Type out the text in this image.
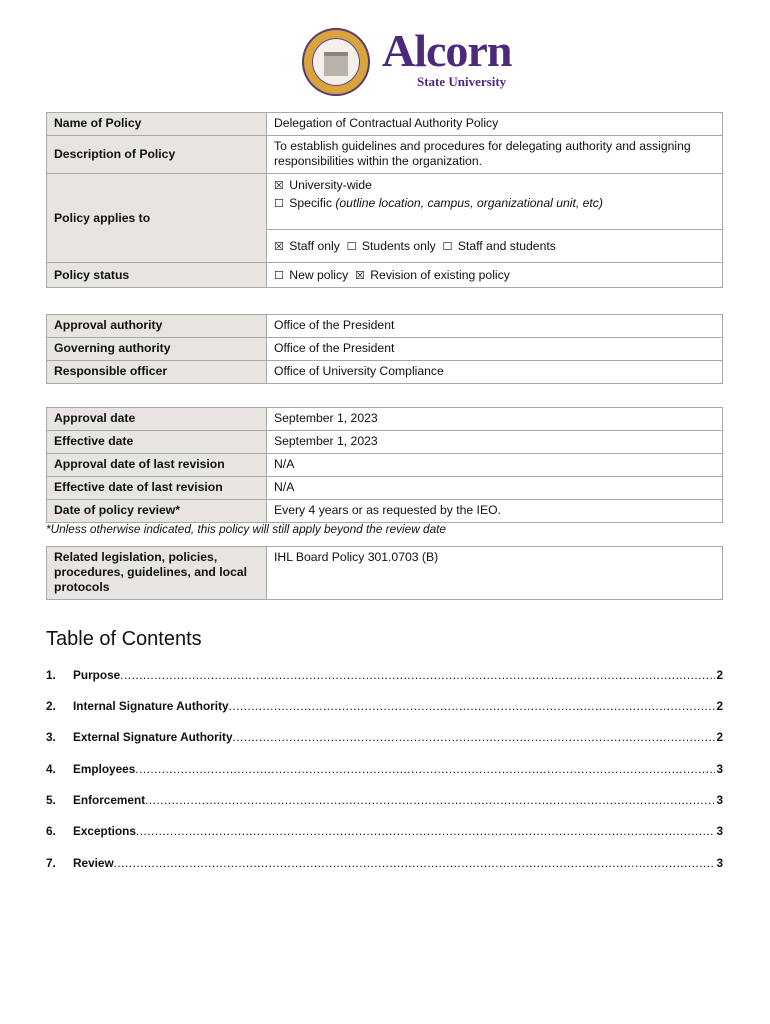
Alcorn
State University
Name of Policy	Delegation of Contractual Authority Policy
Description of Policy	To establish guidelines and procedures for delegating authority and assigning responsibilities within the organization.
Policy applies to	☒ University-wide
☐ Specific (outline location, campus, organizational unit, etc)

	☒ Staff only ☐ Students only ☐ Staff and students
Policy status	☐ New policy ☒ Revision of existing policy
Approval authority	Office of the President
Governing authority	Office of the President
Responsible officer	Office of University Compliance
Approval date	September 1, 2023
Effective date	September 1, 2023
Approval date of last revision	N/A
Effective date of last revision	N/A
Date of policy review*	Every 4 years or as requested by the IEO.
*Unless otherwise indicated, this policy will still apply beyond the review date
Related legislation, policies, procedures, guidelines, and local protocols	IHL Board Policy 301.0703 (B)
Table of Contents
1.	Purpose .....	2
2.	Internal Signature Authority .....	2
3.	External Signature Authority .....	2
4.	Employees .....	3
5.	Enforcement .....	3
6.	Exceptions .....	3
7.	Review .....	3
